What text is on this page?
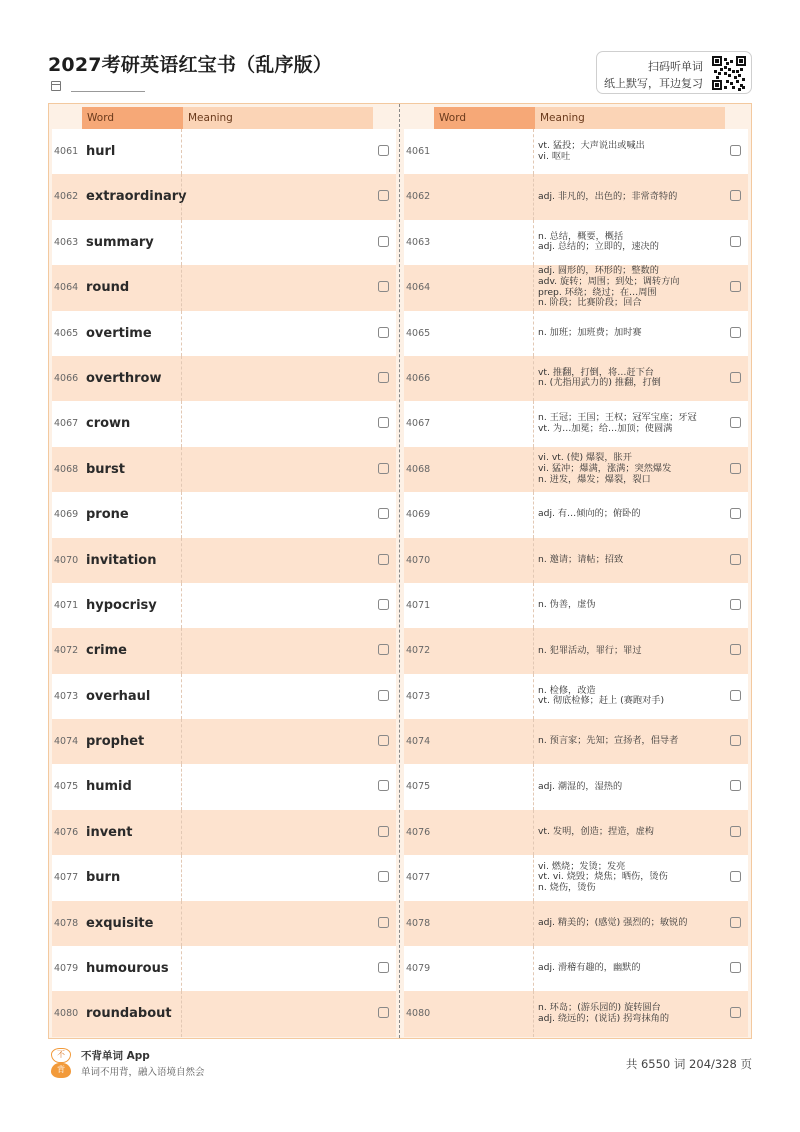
2027考研英语红宝书（乱序版）	扫码听单词
纸上默写，耳边复习
Word	Meaning
4061 hurl
4062 extraordinary
4063 summary
4064 round
4065 overtime
4066 overthrow
4067 crown
4068 burst
4069 prone
4070 invitation
4071 hypocrisy
4072 crime
4073 overhaul
4074 prophet
4075 humid
4076 invent
4077 burn
4078 exquisite
4079 humourous
4080 roundabout
Word	Meaning
4061
vt. 猛投；大声说出或喊出
vi. 呕吐
4062	adj. 非凡的，出色的；非常奇特的
4063
n. 总结，概要，概括
adj. 总结的；立即的，速决的
4064
adj. 圆形的，环形的；整数的
adv. 旋转；周围；到处；调转方向
prep. 环绕；绕过；在…周围
n. 阶段；比赛阶段；回合
4065	n. 加班；加班费；加时赛
4066
vt. 推翻，打倒，将…赶下台
n. (尤指用武力的) 推翻，打倒
4067
n. 王冠；王国；王权；冠军宝座；牙冠
vt. 为…加冕；给…加顶；使圆满
4068
vi. vt. (使) 爆裂，胀开
vi. 猛冲；爆满，涨满；突然爆发
n. 迸发，爆发；爆裂，裂口
4069	adj. 有…倾向的；俯卧的
4070	n. 邀请；请帖；招致
4071	n. 伪善，虚伪
4072	n. 犯罪活动，罪行；罪过
4073
n. 检修，改造
vt. 彻底检修；赶上 (赛跑对手)
4074	n. 预言家；先知；宣扬者，倡导者
4075	adj. 潮湿的，湿热的
4076	vt. 发明，创造；捏造，虚构
4077
vi. 燃烧；发烫；发亮
vt. vi. 烧毁；烧焦；晒伤，烫伤
n. 烧伤，烫伤
4078	adj. 精美的；(感觉) 强烈的；敏锐的
4079	adj. 滑稽有趣的，幽默的
4080
n. 环岛；(游乐园的) 旋转圆台
adj. 绕远的；(说话) 拐弯抹角的
不
背
不背单词 App
单词不用背，融入语境自然会
共 6550 词 204/328 页
